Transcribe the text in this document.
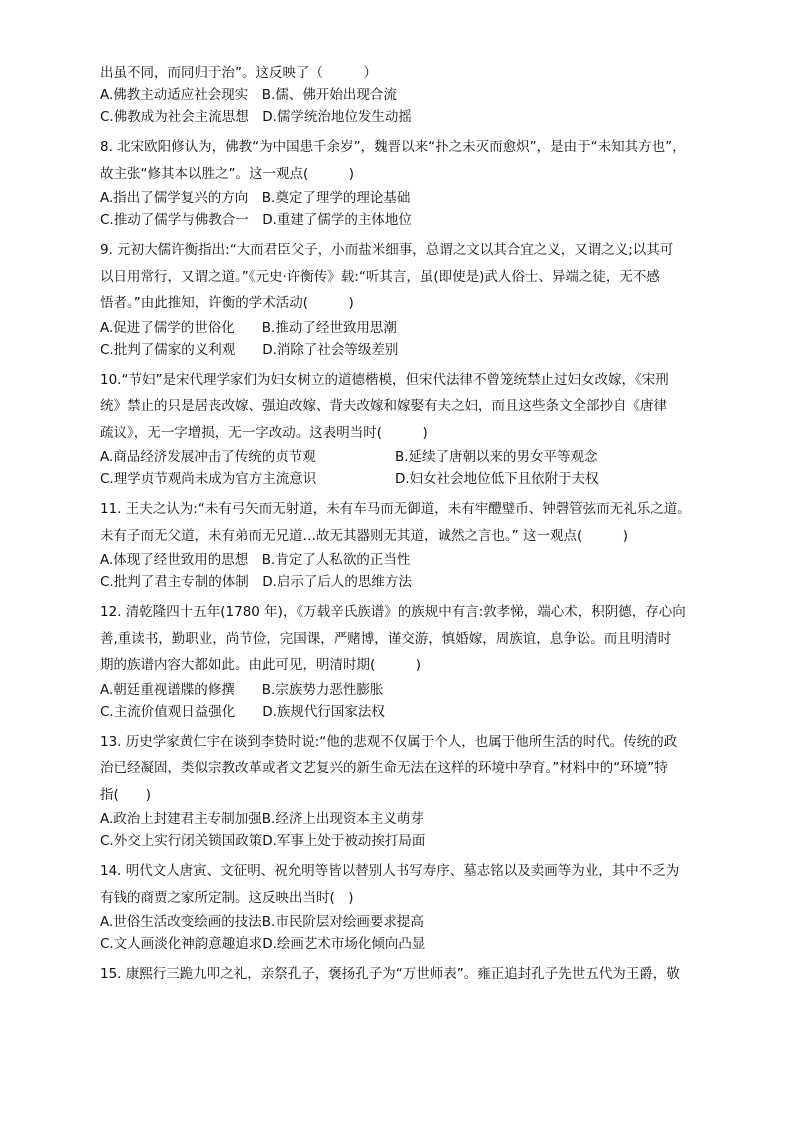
出虽不同，而同归于治”。这反映了（　　　）
A.佛教主动适应社会现实　B.儒、佛开始出现合流
C.佛教成为社会主流思想　D.儒学统治地位发生动摇
8. 北宋欧阳修认为，佛教“为中国患千余岁”，魏晋以来“扑之未灭而愈炽”，是由于“未知其方也”，
故主张“修其本以胜之”。这一观点(　　　)
A.指出了儒学复兴的方向　B.奠定了理学的理论基础
C.推动了儒学与佛教合一　D.重建了儒学的主体地位
9. 元初大儒许衡指出:“大而君臣父子，小而盐米细事，总谓之文以其合宜之义，又谓之义;以其可
以日用常行，又谓之道。”《元史·许衡传》载:“听其言，虽(即使是)武人俗士、异端之徒，无不感
悟者。”由此推知，许衡的学术活动(　　　)
A.促进了儒学的世俗化　　B.推动了经世致用思潮
C.批判了儒家的义利观　　D.消除了社会等级差别
10.“节妇”是宋代理学家们为妇女树立的道德楷模，但宋代法律不曾笼统禁止过妇女改嫁，《宋刑
统》禁止的只是居丧改嫁、强迫改嫁、背夫改嫁和嫁娶有夫之妇，而且这些条文全部抄自《唐律
疏议》，无一字增损，无一字改动。这表明当时(　　　)
A.商品经济发展冲击了传统的贞节观	B.延续了唐朝以来的男女平等观念
C.理学贞节观尚未成为官方主流意识	D.妇女社会地位低下且依附于夫权
11. 王夫之认为:“未有弓矢而无射道，未有车马而无御道，未有牢醴璧币、钟磬管弦而无礼乐之道。
未有子而无父道，未有弟而无兄道…故无其器则无其道，诚然之言也。” 这一观点(　　　)
A.体现了经世致用的思想　B.肯定了人私欲的正当性
C.批判了君主专制的体制　D.启示了后人的思维方法
12. 清乾隆四十五年(1780 年)，《万载辛氏族谱》的族规中有言:敦孝悌，端心术，积阴德，存心向
善,重读书，勤职业，尚节俭，完国课，严赌博，谨交游，慎婚嫁，周族谊，息争讼。而且明清时
期的族谱内容大都如此。由此可见，明清时期(　　　)
A.朝廷重视谱牒的修撰　　B.宗族势力恶性膨胀
C.主流价值观日益强化　　D.族规代行国家法权
13. 历史学家黄仁宇在谈到李贽时说:“他的悲观不仅属于个人，也属于他所生活的时代。传统的政
治已经凝固，类似宗教改革或者文艺复兴的新生命无法在这样的环境中孕育。”材料中的“环境”特
指(　　)
A.政治上封建君主专制加强B.经济上出现资本主义萌芽
C.外交上实行闭关锁国政策D.军事上处于被动挨打局面
14. 明代文人唐寅、文征明、祝允明等皆以替别人书写寿序、墓志铭以及卖画等为业，其中不乏为
有钱的商贾之家所定制。这反映出当时(　)
A.世俗生活改变绘画的技法B.市民阶层对绘画要求提高
C.文人画淡化神韵意趣追求D.绘画艺术市场化倾向凸显
15. 康熙行三跪九叩之礼，亲祭孔子，褒扬孔子为“万世师表”。雍正追封孔子先世五代为王爵，敬
